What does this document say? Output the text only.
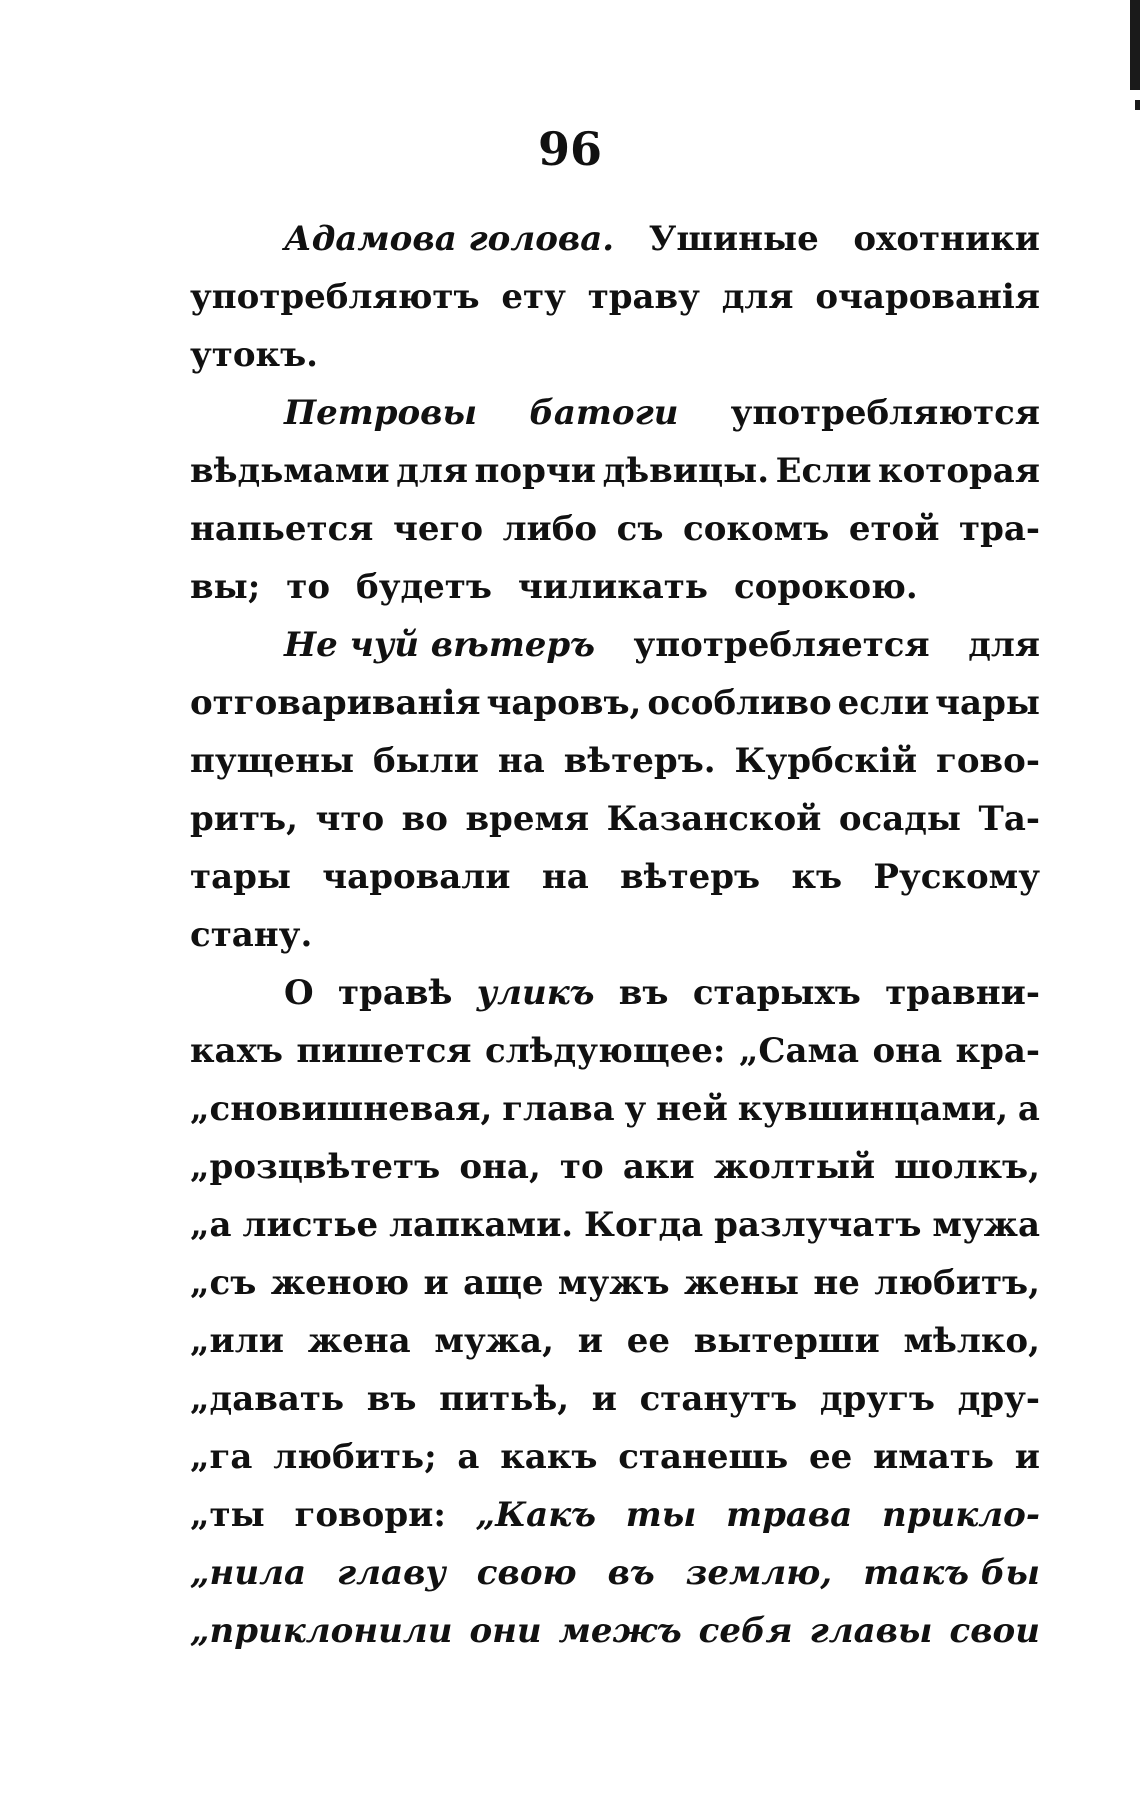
96
Адамова голова. Ушиные охотники
употребляютъ ету траву для очарованія
утокъ.
Петровы батоги употребляются
вѣдьмами для порчи дѣвицы. Если которая
напьется чего либо съ сокомъ етой тра-
вы; то будетъ чиликать сорокою.
Не чуй вѣтеръ употребляется для
отговариванія чаровъ, особливо если чары
пущены были на вѣтеръ. Курбскій гово-
ритъ, что во время Казанской осады Та-
тары чаровали на вѣтеръ къ Рускому
стану.
О травѣ уликъ въ старыхъ травни-
кахъ пишется слѣдующее: „Сама она кра-
„сновишневая, глава у ней кувшинцами, а
„розцвѣтетъ она, то аки жолтый шолкъ,
„а листье лапками. Когда разлучатъ мужа
„съ женою и аще мужъ жены не любитъ,
„или жена мужа, и ее вытерши мѣлко,
„давать въ питьѣ, и станутъ другъ дру-
„га любить; а какъ станешь ее имать и
„ты говори: „Какъ ты трава прикло-
„нила главу свою въ землю, такъ бы
„приклонили они межъ себя главы свои
